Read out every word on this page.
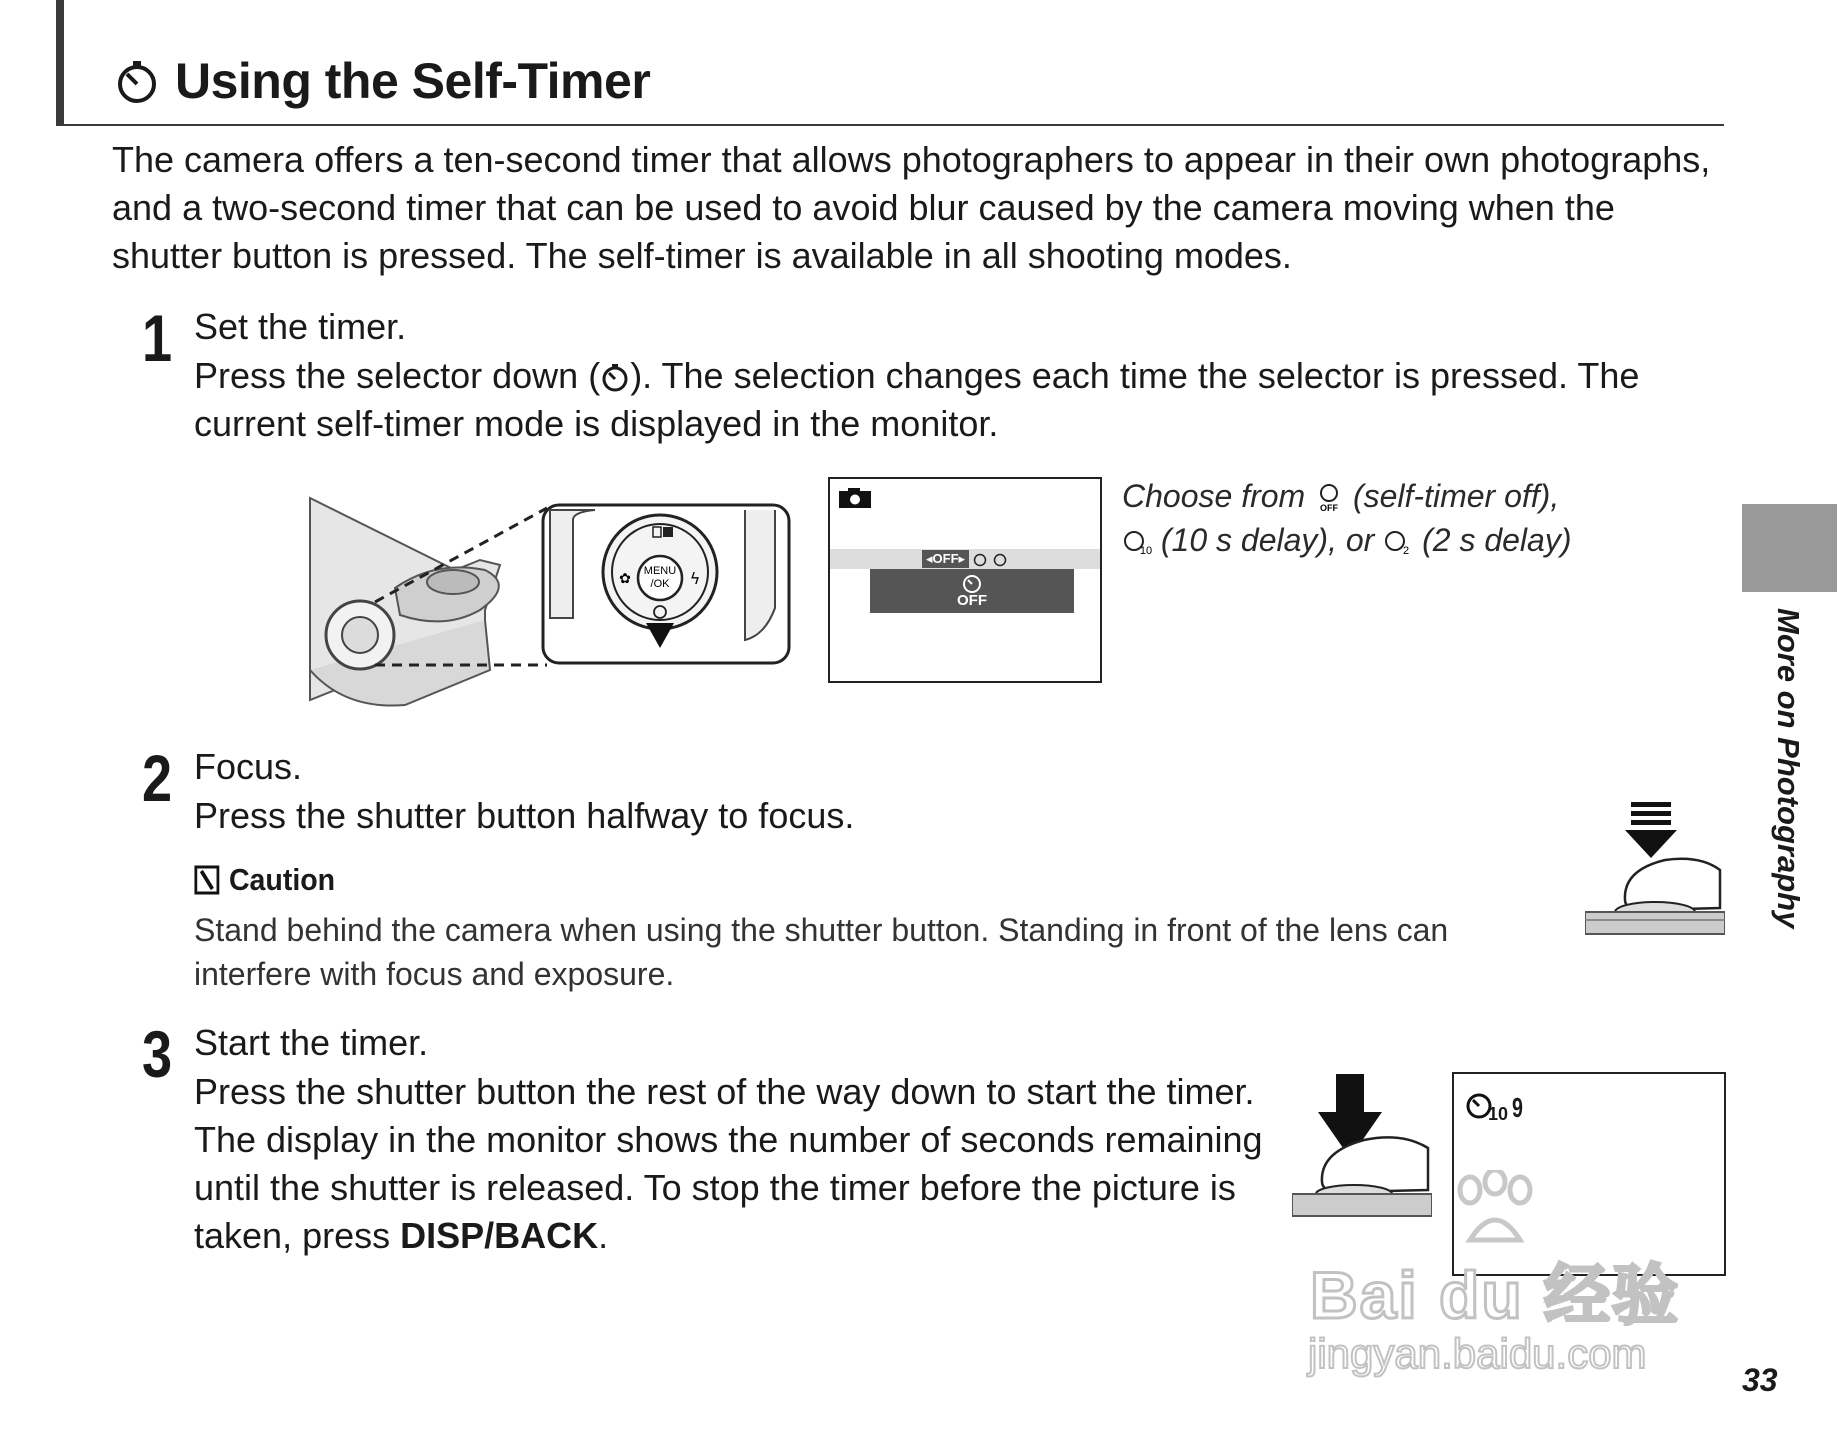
Using the Self-Timer
The camera offers a ten-second timer that allows photographers to appear in their own photographs, and a two-second timer that can be used to avoid blur caused by the camera moving when the shutter button is pressed. The self-timer is available in all shooting modes.
1 Set the timer.
Press the selector down ( ). The selection changes each time the selector is pressed. The current self-timer mode is displayed in the monitor.
MENU
/OK
✿	ϟ
◂OFF▸
OFF
Choose from OFF (self-timer off),
10 (10 s delay), or 2 (2 s delay)
2 Focus.
Press the shutter button halfway to focus.
Caution
Stand behind the camera when using the shutter button. Standing in front of the lens can interfere with focus and exposure.
3 Start the timer.
Press the shutter button the rest of the way down to start the timer. The display in the monitor shows the number of seconds remaining until the shutter is released. To stop the timer before the picture is taken, press DISP/BACK.
10 9
Bai du 经验
jingyan.baidu.com
More on Photography
33
